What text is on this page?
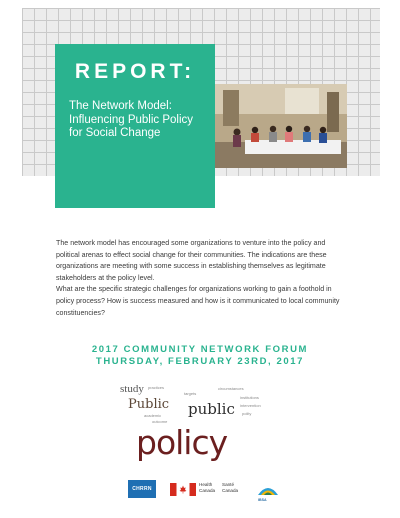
REPORT:
The Network Model: Influencing Public Policy for Social Change

The network model has encouraged some organizations to venture into the policy and political arenas to effect social change for their communities. The indications are these organizations are meeting with some success in establishing themselves as legitimate stakeholders at the policy level.

What are the specific strategic challenges for organizations working to gain a foothold in policy process? How is success measured and how is it communicated to local community constituencies?

2017 COMMUNITY NETWORK FORUM
THURSDAY, FEBRUARY 23RD, 2017
study
Public public
policy
practices
targets
circumstances
institutions
intervention
academic
outcome
polity
CHRRN
Health
Canada
Santé
Canada
IBSA
